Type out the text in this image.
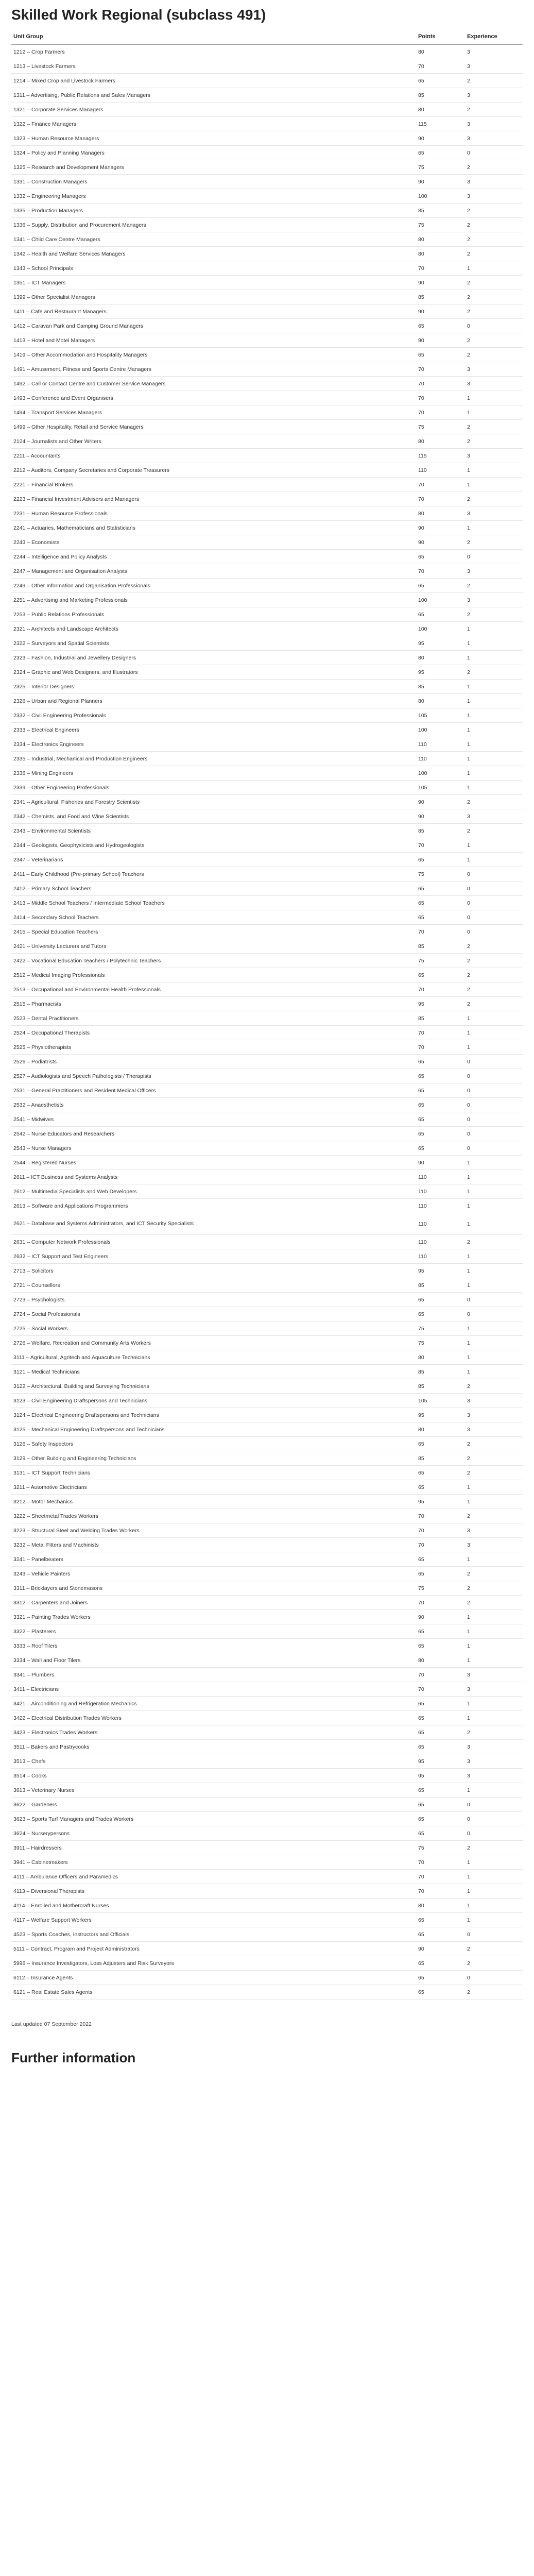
Skilled Work Regional (subclass 491)
Unit Group	Points	Experience
1212 – Crop Farmers	80	3
1213 – Livestock Farmers	70	3
1214 – Mixed Crop and Livestock Farmers	65	2
1311 – Advertising, Public Relations and Sales Managers	85	3
1321 – Corporate Services Managers	80	2
1322 – Finance Managers	115	3
1323 – Human Resource Managers	90	3
1324 – Policy and Planning Managers	65	0
1325 – Research and Development Managers	75	2
1331 – Construction Managers	90	3
1332 – Engineering Managers	100	3
1335 – Production Managers	85	2
1336 – Supply, Distribution and Procurement Managers	75	2
1341 – Child Care Centre Managers	80	2
1342 – Health and Welfare Services Managers	80	2
1343 – School Principals	70	1
1351 – ICT Managers	90	2
1399 – Other Specialist Managers	85	2
1411 – Cafe and Restaurant Managers	90	2
1412 – Caravan Park and Camping Ground Managers	65	0
1413 – Hotel and Motel Managers	90	2
1419 – Other Accommodation and Hospitality Managers	65	2
1491 – Amusement, Fitness and Sports Centre Managers	70	3
1492 – Call or Contact Centre and Customer Service Managers	70	3
1493 – Conference and Event Organisers	70	1
1494 – Transport Services Managers	70	1
1499 – Other Hospitality, Retail and Service Managers	75	2
2124 – Journalists and Other Writers	80	2
2211 – Accountants	115	3
2212 – Auditors, Company Secretaries and Corporate Treasurers	110	1
2221 – Financial Brokers	70	1
2223 – Financial Investment Advisers and Managers	70	2
2231 – Human Resource Professionals	80	3
2241 – Actuaries, Mathematicians and Statisticians	90	1
2243 – Economists	90	2
2244 – Intelligence and Policy Analysts	65	0
2247 – Management and Organisation Analysts	70	3
2249 – Other Information and Organisation Professionals	65	2
2251 – Advertising and Marketing Professionals	100	3
2253 – Public Relations Professionals	65	2
2321 – Architects and Landscape Architects	100	1
2322 – Surveyors and Spatial Scientists	95	1
2323 – Fashion, Industrial and Jewellery Designers	80	1
2324 – Graphic and Web Designers, and Illustrators	95	2
2325 – Interior Designers	85	1
2326 – Urban and Regional Planners	80	1
2332 – Civil Engineering Professionals	105	1
2333 – Electrical Engineers	100	1
2334 – Electronics Engineers	110	1
2335 – Industrial, Mechanical and Production Engineers	110	1
2336 – Mining Engineers	100	1
2339 – Other Engineering Professionals	105	1
2341 – Agricultural, Fisheries and Forestry Scientists	90	2
2342 – Chemists, and Food and Wine Scientists	90	3
2343 – Environmental Scientists	85	2
2344 – Geologists, Geophysicists and Hydrogeologists	70	1
2347 – Veterinarians	65	1
2411 – Early Childhood (Pre-primary School) Teachers	75	0
2412 – Primary School Teachers	65	0
2413 – Middle School Teachers / Intermediate School Teachers	65	0
2414 – Secondary School Teachers	65	0
2415 – Special Education Teachers	70	0
2421 – University Lecturers and Tutors	85	2
2422 – Vocational Education Teachers / Polytechnic Teachers	75	2
2512 – Medical Imaging Professionals	65	2
2513 – Occupational and Environmental Health Professionals	70	2
2515 – Pharmacists	95	2
2523 – Dental Practitioners	85	1
2524 – Occupational Therapists	70	1
2525 – Physiotherapists	70	1
2526 – Podiatrists	65	0
2527 – Audiologists and Speech Pathologists / Therapists	65	0
2531 – General Practitioners and Resident Medical Officers	65	0
2532 – Anaesthetists	65	0
2541 – Midwives	65	0
2542 – Nurse Educators and Researchers	65	0
2543 – Nurse Managers	65	0
2544 – Registered Nurses	90	1
2611 – ICT Business and Systems Analysts	110	1
2612 – Multimedia Specialists and Web Developers	110	1
2613 – Software and Applications Programmers	110	1
2621 – Database and Systems Administrators, and ICT Security Specialists	110	1
2631 – Computer Network Professionals	110	2
2632 – ICT Support and Test Engineers	110	1
2713 – Solicitors	95	1
2721 – Counsellors	85	1
2723 – Psychologists	65	0
2724 – Social Professionals	65	0
2725 – Social Workers	75	1
2726 – Welfare, Recreation and Community Arts Workers	75	1
3111 – Agricultural, Agritech and Aquaculture Technicians	80	1
3121 – Medical Technicians	85	1
3122 – Architectural, Building and Surveying Technicians	85	2
3123 – Civil Engineering Draftspersons and Technicians	105	3
3124 – Electrical Engineering Draftspersons and Technicians	95	3
3125 – Mechanical Engineering Draftspersons and Technicians	80	3
3126 – Safety Inspectors	65	2
3129 – Other Building and Engineering Technicians	85	2
3131 – ICT Support Technicians	65	2
3211 – Automotive Electricians	65	1
3212 – Motor Mechanics	95	1
3222 – Sheetmetal Trades Workers	70	2
3223 – Structural Steel and Welding Trades Workers	70	3
3232 – Metal Fitters and Machinists	70	3
3241 – Panelbeaters	65	1
3243 – Vehicle Painters	65	2
3311 – Bricklayers and Stonemasons	75	2
3312 – Carpenters and Joiners	70	2
3321 – Painting Trades Workers	90	1
3322 – Plasterers	65	1
3333 – Roof Tilers	65	1
3334 – Wall and Floor Tilers	80	1
3341 – Plumbers	70	3
3411 – Electricians	70	3
3421 – Airconditioning and Refrigeration Mechanics	65	1
3422 – Electrical Distribution Trades Workers	65	1
3423 – Electronics Trades Workers	65	2
3511 – Bakers and Pastrycooks	65	3
3513 – Chefs	95	3
3514 – Cooks	95	3
3613 – Veterinary Nurses	65	1
3622 – Gardeners	65	0
3623 – Sports Turf Managers and Trades Workers	65	0
3624 – Nurserypersons	65	0
3911 – Hairdressers	75	2
3941 – Cabinetmakers	70	1
4111 – Ambulance Officers and Paramedics	70	1
4113 – Diversional Therapists	70	1
4114 – Enrolled and Mothercraft Nurses	80	1
4117 – Welfare Support Workers	65	1
4523 – Sports Coaches, Instructors and Officials	65	0
5111 – Contract, Program and Project Administrators	90	2
5996 – Insurance Investigators, Loss Adjusters and Risk Surveyors	65	2
6112 – Insurance Agents	65	0
6121 – Real Estate Sales Agents	65	2

Last updated 07 September 2022

Further information
